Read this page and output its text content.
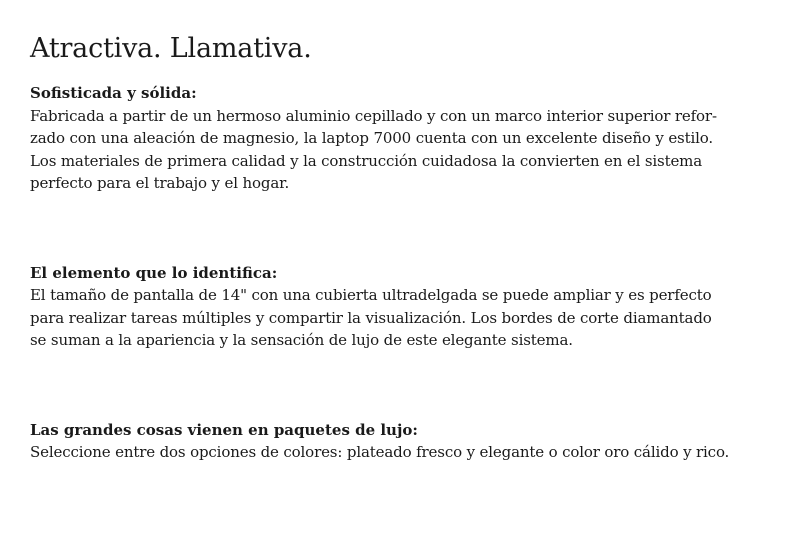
Atractiva. Llamativa.

Sofisticada y sólida:

Fabricada a partir de un hermoso aluminio cepillado y con un marco interior superior refor-

zado con una aleación de magnesio, la laptop 7000 cuenta con un excelente diseño y estilo.

Los materiales de primera calidad y la construcción cuidadosa la convierten en el sistema

perfecto para el trabajo y el hogar.

El elemento que lo identifica:

El tamaño de pantalla de 14" con una cubierta ultradelgada se puede ampliar y es perfecto

para realizar tareas múltiples y compartir la visualización. Los bordes de corte diamantado

se suman a la apariencia y la sensación de lujo de este elegante sistema.

Las grandes cosas vienen en paquetes de lujo:

Seleccione entre dos opciones de colores: plateado fresco y elegante o color oro cálido y rico.
